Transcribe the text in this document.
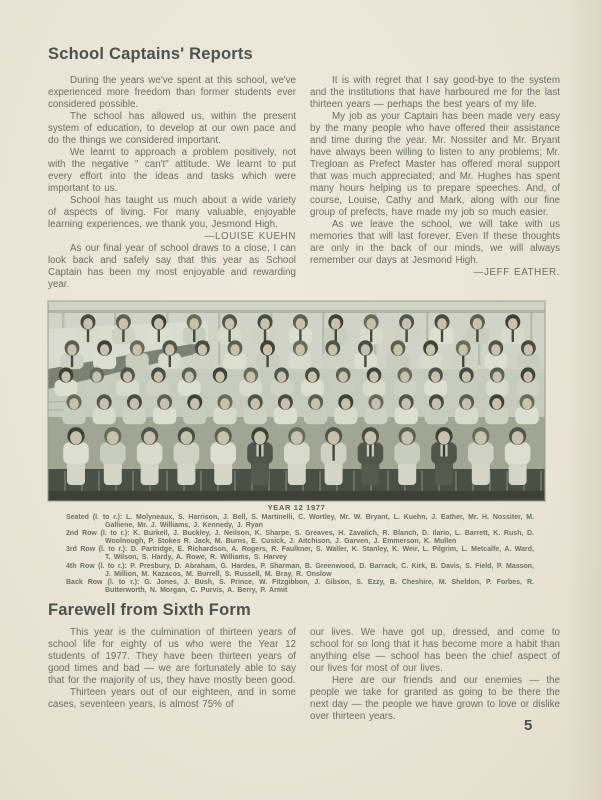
School Captains' Reports

During the years we've spent at this school, we've experienced more freedom than former students ever considered possible.

The school has allowed us, within the present system of education, to develop at our own pace and do the things we considered important.

We learnt to approach a problem positively, not with the negative " can't" attitude. We learnt to put every effort into the ideas and tasks which were important to us.

School has taught us much about a wide variety of aspects of living. For many valuable, enjoyable learning experiences, we thank you, Jesmond High.

—LOUISE KUEHN

As our final year of school draws to a close, I can look back and safely say that this year as School Captain has been my most enjoyable and rewarding year.

It is with regret that I say good-bye to the system and the institutions that have harboured me for the last thirteen years — perhaps the best years of my life.

My job as your Captain has been made very easy by the many people who have offered their assistance and time during the year. Mr. Nossiter and Mr. Bryant have always been willing to listen to any problems; Mr. Tregloan as Prefect Master has offered moral support that was much appreciated; and Mr. Hughes has spent many hours helping us to prepare speeches. And, of course, Louise, Cathy and Mark, along with our fine group of prefects, have made my job so much easier.

As we leave the school, we will take with us memories that will last forever. Even If these thoughts are only in the back of our minds, we will always remember our days at Jesmond High.

—JEFF EATHER.

YEAR 12 1977
Seated (l. to r.): L. Molyneaux, S. Harrison, J. Bell, S. Martinelli, C. Wortley, Mr. W. Bryant, L. Kuehn, J. Eather, Mr. H. Nossiter, M. Galliene, Mr. J. Williams, J. Kennedy, J. Ryan
2nd Row (l. to r.): K. Burkell, J. Buckley, J. Neilson, K. Sharpe, S. Greaves, H. Zavalich, R. Blanch, D. Ilario, L. Barrett, K. Rush, D. Woolnough, P. Stokes R. Jack, M. Burns, E. Cusick, J. Aitchison, J. Garven, J. Emmerson, K. Mullen
3rd Row (l. to r.): D. Partridge, E. Richardson, A. Rogers, R. Faulkner, S. Waller, K. Stanley, K. Weir, L. Pilgrim, L. Metcalfe, A. Ward, T. Wilson, S. Hardy, A. Rowe, R. Williams, S. Harvey
4th Row (l. to r.): P. Presbury, D. Abraham, G. Hardes, P. Sharman, B. Greenwood, D. Barrack, C. Kirk, B. Davis, S. Field, P. Masson, J. Million, M. Kazacos, M. Burrell, S. Russell, M. Bray, R. Onslow
Back Row (l. to r.): G. Jones, J. Bush, S. Prince, W. Fitzgibbon, J. Gibson, S. Ezzy, B. Cheshire, M. Sheldon, P. Forbes, R. Butterworth, N. Morgan, C. Purvis, A. Berry, P. Armit
Farewell from Sixth Form

This year is the culmination of thirteen years of school life for eighty of us who were the Year 12 students of 1977. They have been thirteen years of good times and bad — we are fortunately able to say that for the majority of us, they have mostly been good.

Thirteen years out of our eighteen, and in some cases, seventeen years, is almost 75% of

our lives. We have got up, dressed, and come to school for so long that it has become more a habit than anything else — school has been the chief aspect of our lives for most of our lives.

Here are our friends and our enemies — the people we take for granted as going to be there the next day — the people we have grown to love or dislike over thirteen years.

5
